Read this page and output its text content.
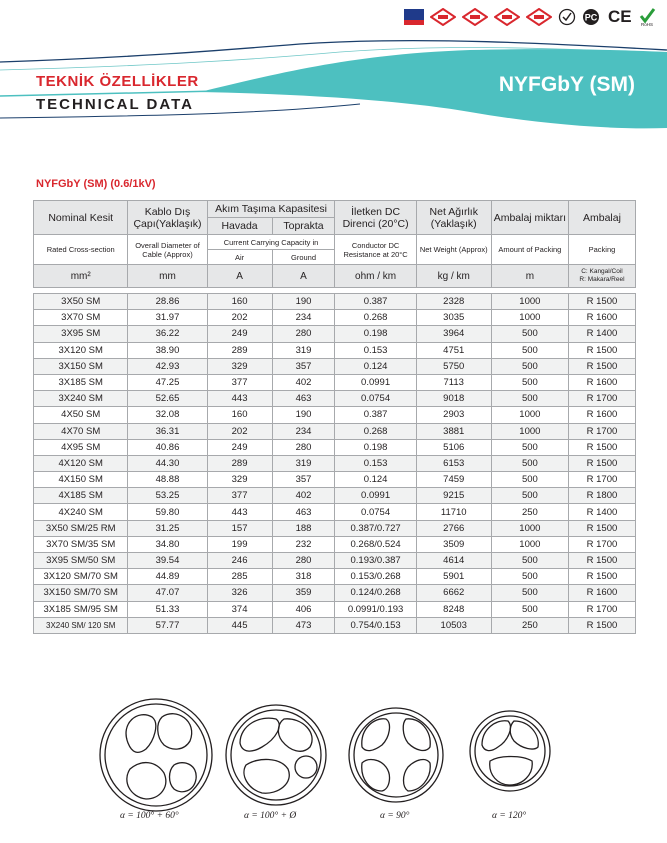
PC CE RoHS
TEKNİK ÖZELLİKLER
TECHNICAL DATA
NYFGbY (SM)
NYFGbY (SM) (0.6/1kV)
Nominal Kesit	Kablo Dış Çapı(Yaklaşık)	Akım Taşıma Kapasitesi		İletken DC Direnci (20°C)	Net Ağırlık (Yaklaşık)	Ambalaj miktarı	Ambalaj
		Havada	Toprakta				
Rated Cross-section	Overall Diameter of Cable (Approx)	Current Carrying Capacity in		Conductor DC Resistance at 20°C	Net Weight (Approx)	Amount of Packing	Packing
		Air	Ground				
mm²	mm	A	A	ohm / km	kg / km	m	C: Kangal/Coil
R: Makara/Reel
3X50 SM	28.86	160	190	0.387	2328	1000	R 1500
3X70 SM	31.97	202	234	0.268	3035	1000	R 1600
3X95 SM	36.22	249	280	0.198	3964	500	R 1400
3X120 SM	38.90	289	319	0.153	4751	500	R 1500
3X150 SM	42.93	329	357	0.124	5750	500	R 1500
3X185 SM	47.25	377	402	0.0991	7113	500	R 1600
3X240 SM	52.65	443	463	0.0754	9018	500	R 1700
4X50 SM	32.08	160	190	0.387	2903	1000	R 1600
4X70 SM	36.31	202	234	0.268	3881	1000	R 1700
4X95 SM	40.86	249	280	0.198	5106	500	R 1500
4X120 SM	44.30	289	319	0.153	6153	500	R 1500
4X150 SM	48.88	329	357	0.124	7459	500	R 1700
4X185 SM	53.25	377	402	0.0991	9215	500	R 1800
4X240 SM	59.80	443	463	0.0754	11710	250	R 1400
3X50 SM/25 RM	31.25	157	188	0.387/0.727	2766	1000	R 1500
3X70 SM/35 SM	34.80	199	232	0.268/0.524	3509	1000	R 1700
3X95 SM/50 SM	39.54	246	280	0.193/0.387	4614	500	R 1500
3X120 SM/70 SM	44.89	285	318	0.153/0.268	5901	500	R 1500
3X150 SM/70 SM	47.07	326	359	0.124/0.268	6662	500	R 1600
3X185 SM/95 SM	51.33	374	406	0.0991/0.193	8248	500	R 1700
3X240 SM/ 120 SM	57.77	445	473	0.754/0.153	10503	250	R 1500
α = 100° + 60°	α = 100° + Ø	α = 90°	α = 120°
